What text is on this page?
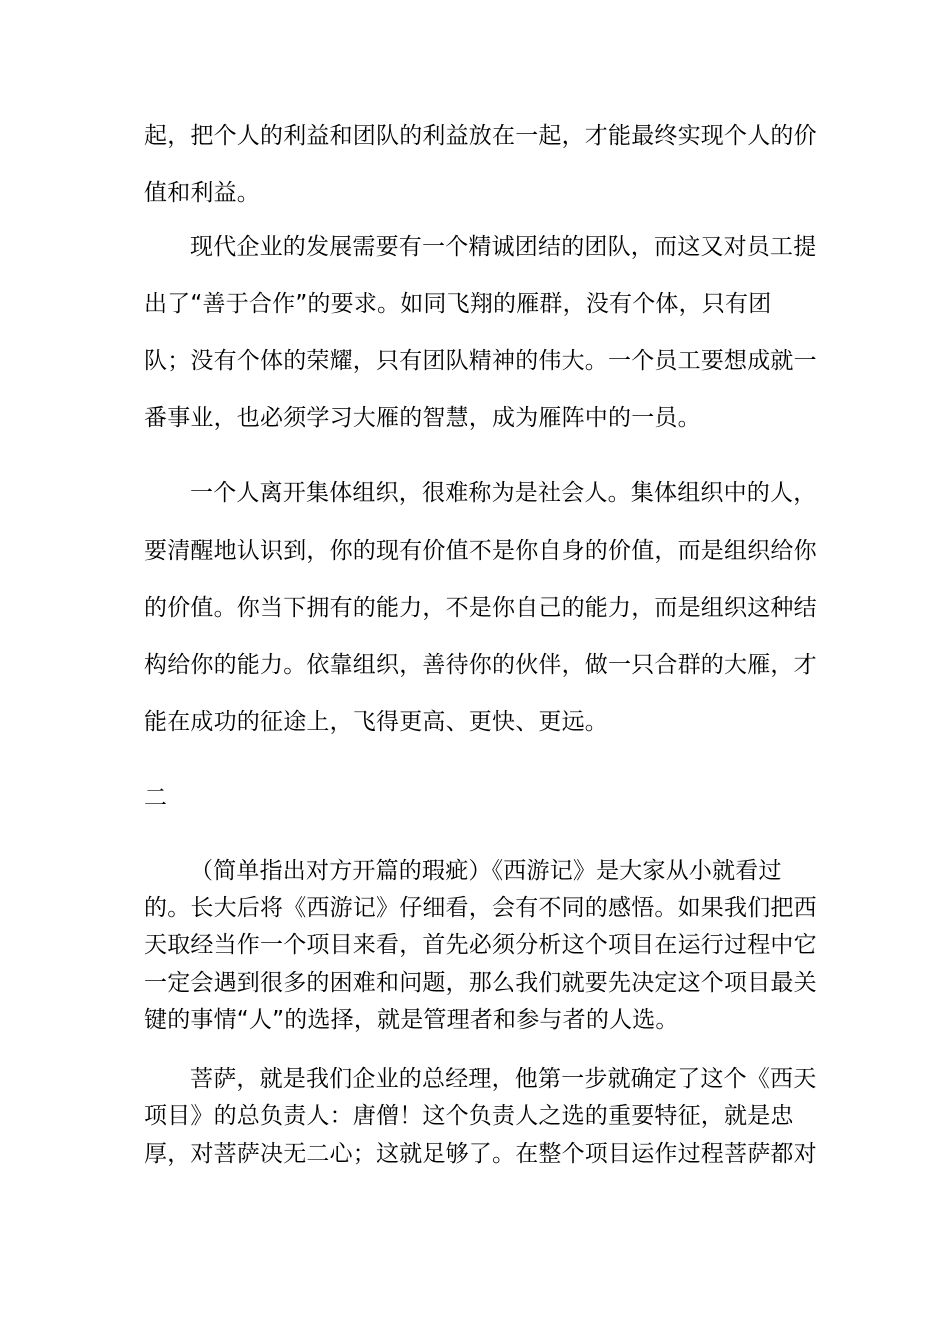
起，把个人的利益和团队的利益放在一起，才能最终实现个人的价
值和利益。
现代企业的发展需要有一个精诚团结的团队，而这又对员工提
出了“善于合作”的要求。如同飞翔的雁群，没有个体，只有团
队；没有个体的荣耀，只有团队精神的伟大。一个员工要想成就一
番事业，也必须学习大雁的智慧，成为雁阵中的一员。
一个人离开集体组织，很难称为是社会人。集体组织中的人，
要清醒地认识到，你的现有价值不是你自身的价值，而是组织给你
的价值。你当下拥有的能力，不是你自己的能力，而是组织这种结
构给你的能力。依靠组织，善待你的伙伴，做一只合群的大雁，才
能在成功的征途上，飞得更高、更快、更远。
二
（简单指出对方开篇的瑕疵）《西游记》是大家从小就看过
的。长大后将《西游记》仔细看，会有不同的感悟。如果我们把西
天取经当作一个项目来看，首先必须分析这个项目在运行过程中它
一定会遇到很多的困难和问题，那么我们就要先决定这个项目最关
键的事情“人”的选择，就是管理者和参与者的人选。
菩萨，就是我们企业的总经理，他第一步就确定了这个《西天
项目》的总负责人：唐僧！这个负责人之选的重要特征，就是忠
厚，对菩萨决无二心；这就足够了。在整个项目运作过程菩萨都对
